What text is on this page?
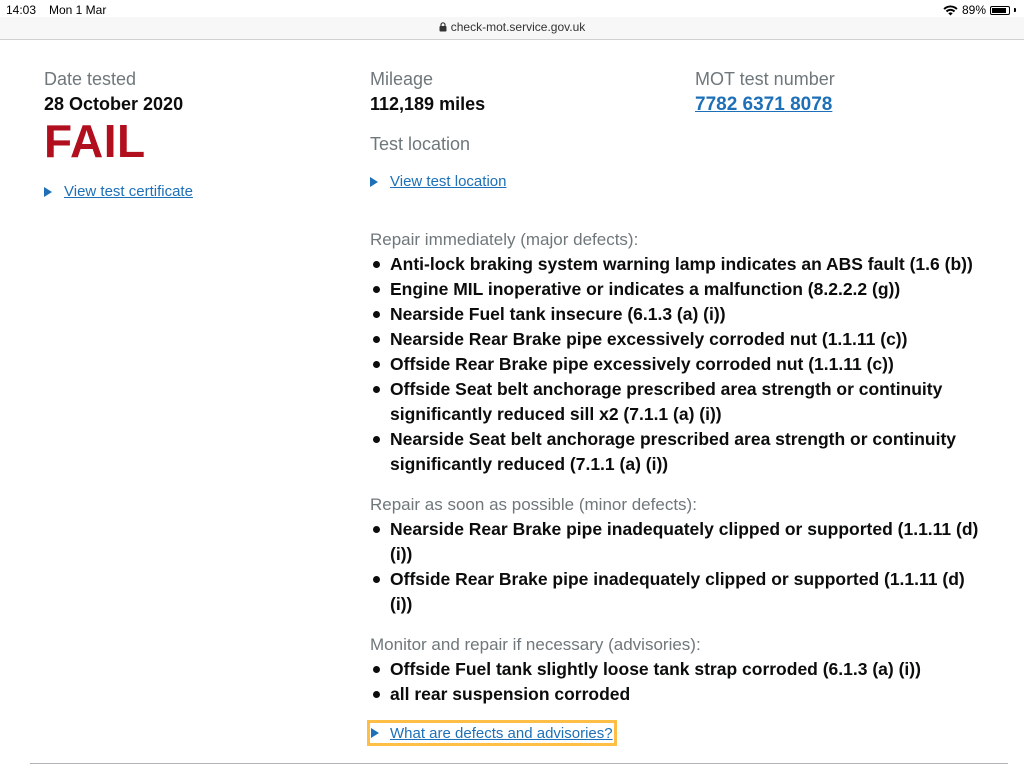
14:03 Mon 1 Mar	89%
check-mot.service.gov.uk
Date tested
28 October 2020
FAIL
View test certificate
Mileage
112,189 miles
Test location
View test location
MOT test number
7782 6371 8078
Repair immediately (major defects):
Anti-lock braking system warning lamp indicates an ABS fault (1.6 (b))
Engine MIL inoperative or indicates a malfunction (8.2.2.2 (g))
Nearside Fuel tank insecure (6.1.3 (a) (i))
Nearside Rear Brake pipe excessively corroded nut (1.1.11 (c))
Offside Rear Brake pipe excessively corroded nut (1.1.11 (c))
Offside Seat belt anchorage prescribed area strength or continuity significantly reduced sill x2 (7.1.1 (a) (i))
Nearside Seat belt anchorage prescribed area strength or continuity significantly reduced (7.1.1 (a) (i))
Repair as soon as possible (minor defects):
Nearside Rear Brake pipe inadequately clipped or supported (1.1.11 (d) (i))
Offside Rear Brake pipe inadequately clipped or supported (1.1.11 (d) (i))
Monitor and repair if necessary (advisories):
Offside Fuel tank slightly loose tank strap corroded (6.1.3 (a) (i))
all rear suspension corroded
What are defects and advisories?
